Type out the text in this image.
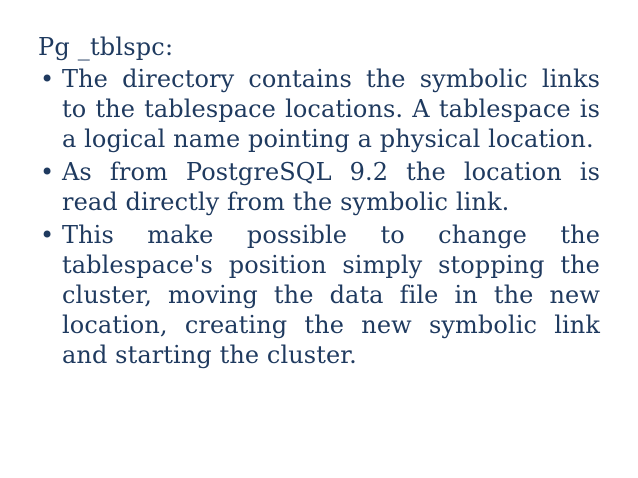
Pg _tblspc:
• The directory contains the symbolic links to the tablespace locations. A tablespace is a logical name pointing a physical location.
• As from PostgreSQL 9.2 the location is read directly from the symbolic link.
• This make possible to change the tablespace's position simply stopping the cluster, moving the data file in the new location, creating the new symbolic link and starting the cluster.
